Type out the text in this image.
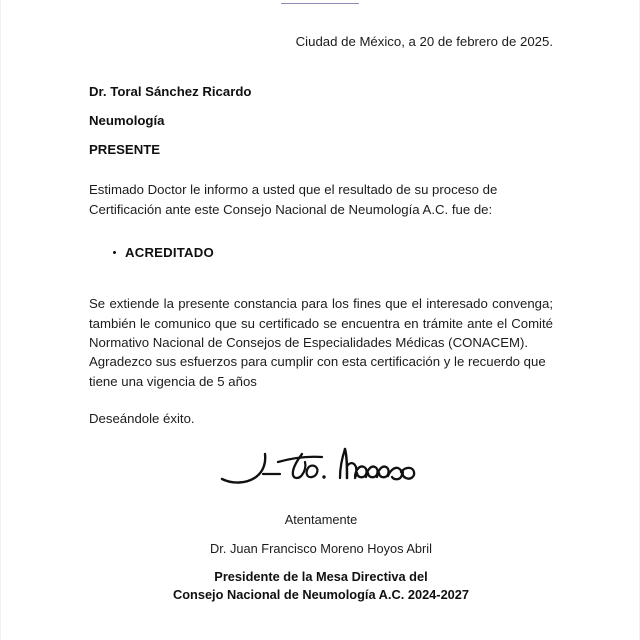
Ciudad de México, a 20 de febrero de 2025.
Dr. Toral Sánchez Ricardo
Neumología
PRESENTE
Estimado Doctor le informo a usted que el resultado de su proceso de Certificación ante este Consejo Nacional de Neumología A.C. fue de:
ACREDITADO
Se extiende la presente constancia para los fines que el interesado convenga; también le comunico que su certificado se encuentra en trámite ante el Comité Normativo Nacional de Consejos de Especialidades Médicas (CONACEM).
Agradezco sus esfuerzos para cumplir con esta certificación y le recuerdo que tiene una vigencia de 5 años
Deseándole éxito.
Atentamente
Dr. Juan Francisco Moreno Hoyos Abril
Presidente de la Mesa Directiva del
Consejo Nacional de Neumología A.C. 2024-2027
